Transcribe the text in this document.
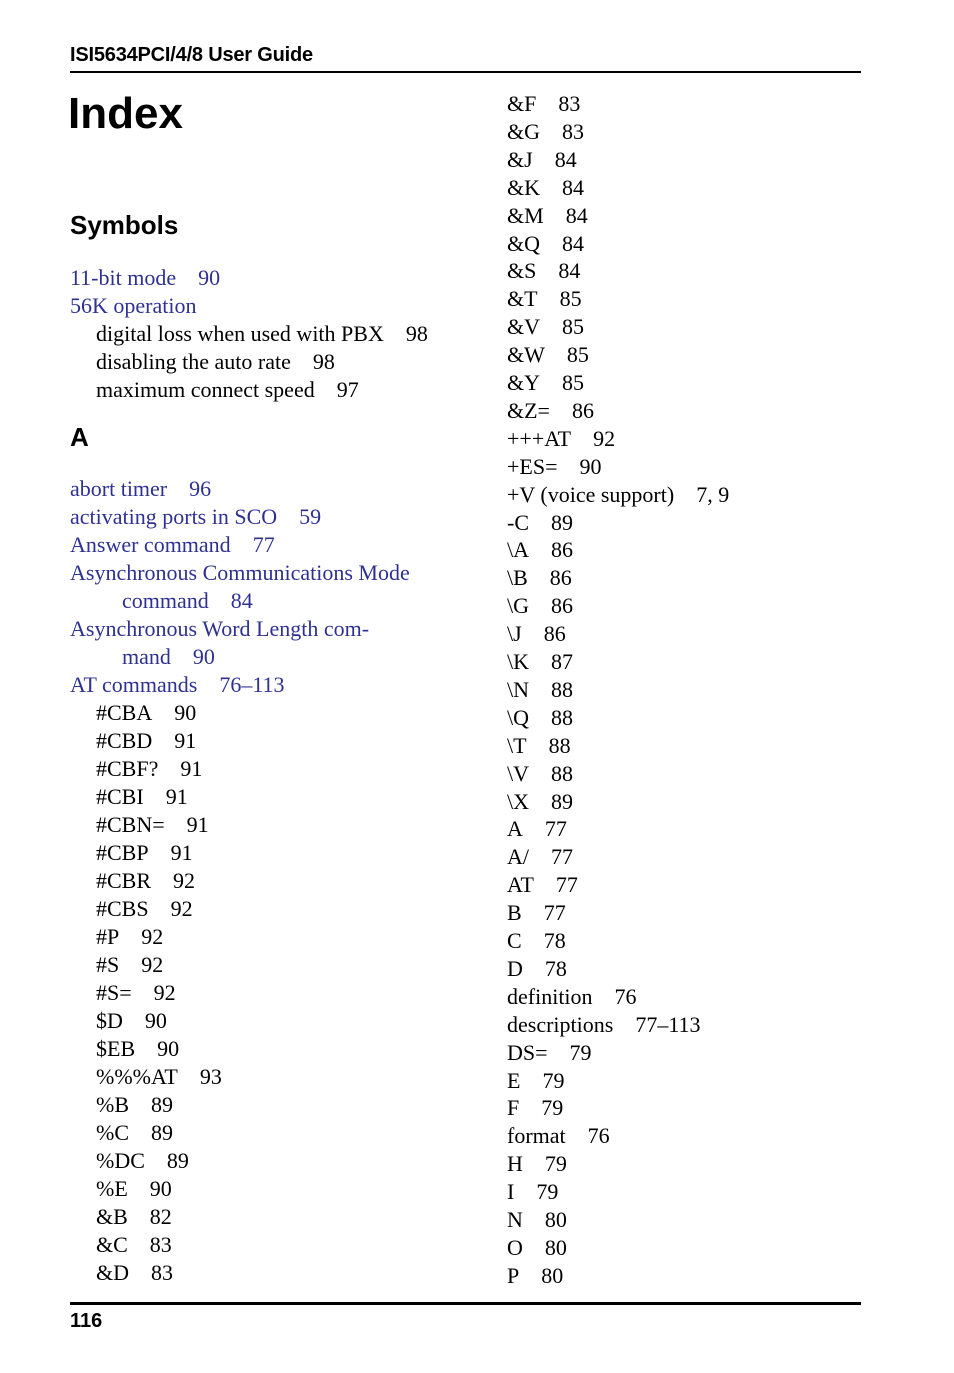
ISI5634PCI/4/8 User Guide
Index
Symbols
A
11-bit mode 90
56K operation
digital loss when used with PBX 98
disabling the auto rate 98
maximum connect speed 97
abort timer 96
activating ports in SCO 59
Answer command 77
Asynchronous Communications Mode
command 84
Asynchronous Word Length com-
mand 90
AT commands 76–113
#CBA 90
#CBD 91
#CBF? 91
#CBI 91
#CBN= 91
#CBP 91
#CBR 92
#CBS 92
#P 92
#S 92
#S= 92
$D 90
$EB 90
%%%AT 93
%B 89
%C 89
%DC 89
%E 90
&B 82
&C 83
&D 83
&F 83
&G 83
&J 84
&K 84
&M 84
&Q 84
&S 84
&T 85
&V 85
&W 85
&Y 85
&Z= 86
+++AT 92
+ES= 90
+V (voice support) 7, 9
-C 89
\A 86
\B 86
\G 86
\J 86
\K 87
\N 88
\Q 88
\T 88
\V 88
\X 89
A 77
A/ 77
AT 77
B 77
C 78
D 78
definition 76
descriptions 77–113
DS= 79
E 79
F 79
format 76
H 79
I 79
N 80
O 80
P 80
116
